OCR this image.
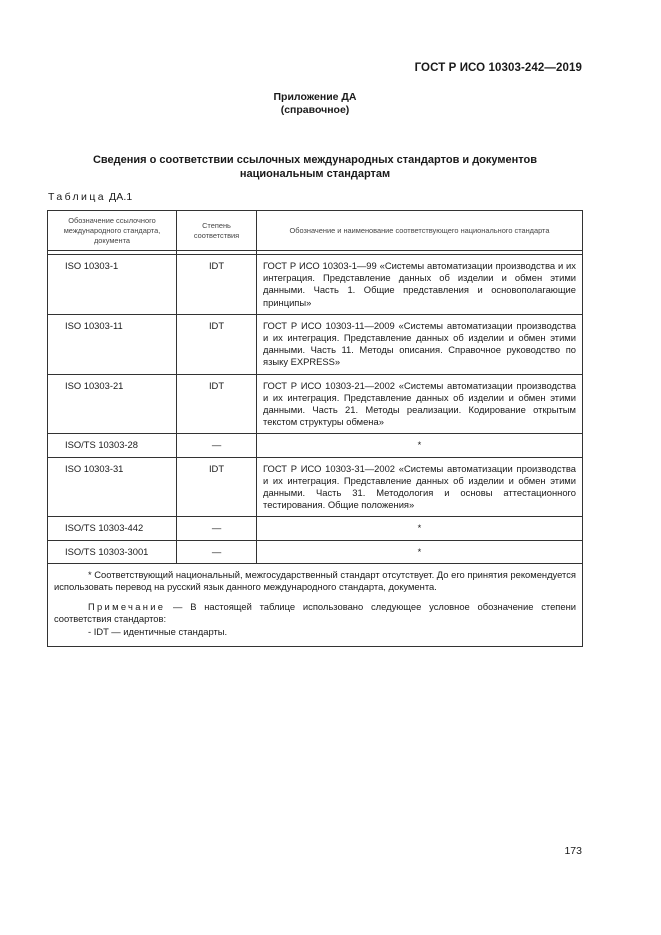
ГОСТ Р ИСО 10303-242—2019
Приложение ДА
(справочное)
Сведения о соответствии ссылочных международных стандартов и документов
национальным стандартам
Таблица ДА.1
Обозначение ссылочного международного стандарта, документа	Степень соответствия	Обозначение и наименование соответствующего национального стандарта

ISO 10303-1	IDT	ГОСТ Р ИСО 10303-1—99 «Системы автоматизации производства и их интеграция. Представление данных об изделии и обмен этими данными. Часть 1. Общие представления и основополагающие принципы»
ISO 10303-11	IDT	ГОСТ Р ИСО 10303-11—2009 «Системы автоматизации производства и их интеграция. Представление данных об изделии и обмен этими данными. Часть 11. Методы описания. Справочное руководство по языку EXPRESS»
ISO 10303-21	IDT	ГОСТ Р ИСО 10303-21—2002 «Системы автоматизации производства и их интеграция. Представление данных об изделии и обмен этими данными. Часть 21. Методы реализации. Кодирование открытым текстом структуры обмена»
ISO/TS 10303-28	—	*
ISO 10303-31	IDT	ГОСТ Р ИСО 10303-31—2002 «Системы автоматизации производства и их интеграция. Представление данных об изделии и обмен этими данными. Часть 31. Методология и основы аттестационного тестирования. Общие положения»
ISO/TS 10303-442	—	*
ISO/TS 10303-3001	—	*

* Соответствующий национальный, межгосударственный стандарт отсутствует. До его принятия рекомендуется использовать перевод на русский язык данного международного стандарта, документа.

Примечание — В настоящей таблице использовано следующее условное обозначение степени соответствия стандартов:

- IDT — идентичные стандарты.		

173
